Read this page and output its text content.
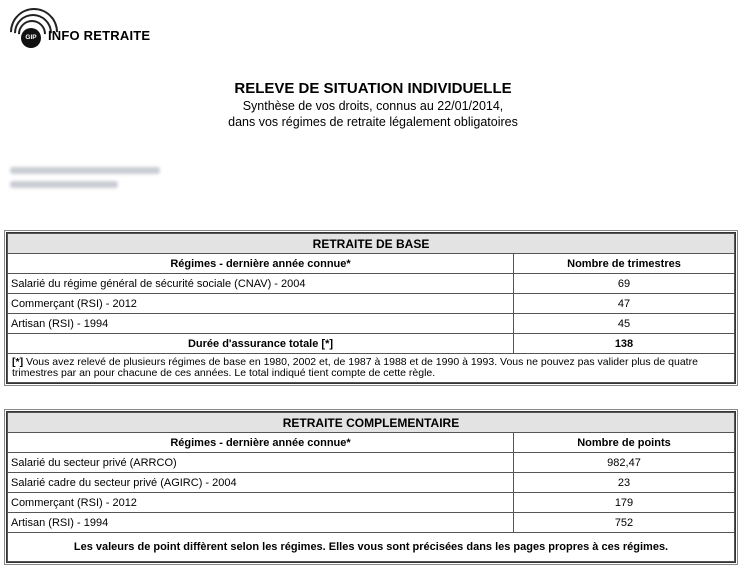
GIP INFO RETRAITE
RELEVE DE SITUATION INDIVIDUELLE
Synthèse de vos droits, connus au 22/01/2014,
dans vos régimes de retraite légalement obligatoires
RETRAITE DE BASE	
Régimes - dernière année connue*	Nombre de trimestres
Salarié du régime général de sécurité sociale (CNAV) - 2004	69
Commerçant (RSI) - 2012	47
Artisan (RSI) - 1994	45
Durée d'assurance totale [*]	138
[*] Vous avez relevé de plusieurs régimes de base en 1980, 2002 et, de 1987 à 1988 et de 1990 à 1993. Vous ne pouvez pas valider plus de quatre trimestres par an pour chacune de ces années. Le total indiqué tient compte de cette règle.	
RETRAITE COMPLEMENTAIRE	
Régimes - dernière année connue*	Nombre de points
Salarié du secteur privé (ARRCO)	982,47
Salarié cadre du secteur privé (AGIRC) - 2004	23
Commerçant (RSI) - 2012	179
Artisan (RSI) - 1994	752
Les valeurs de point diffèrent selon les régimes. Elles vous sont précisées dans les pages propres à ces régimes.	
